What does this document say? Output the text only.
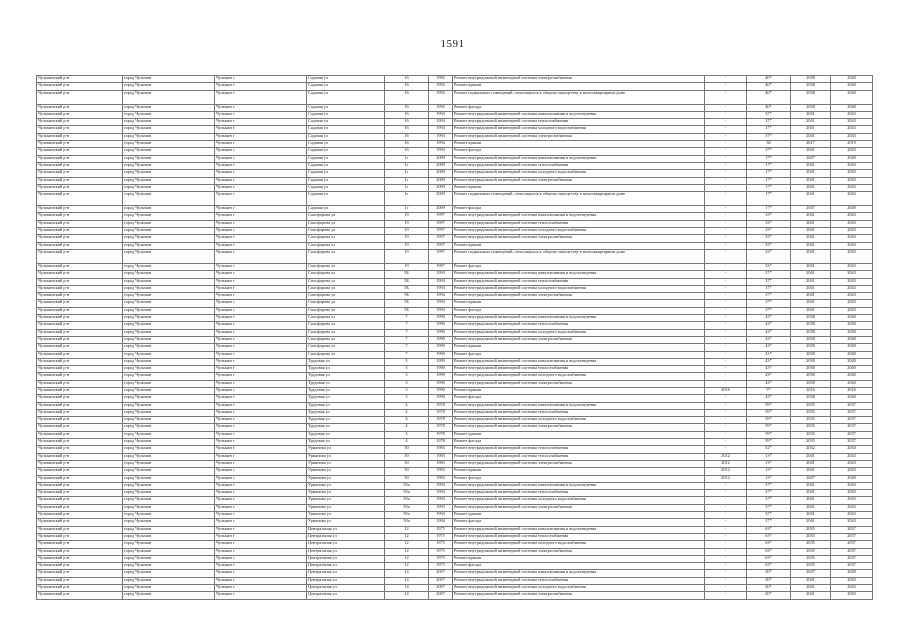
1591
Чульманский р-н	город Чульман	Чульман г	Садовая ул	16	1992	Ремонт внутридомовой инженерной системы электроснабжения	-	40*	2038	2040
Чульманский р-н	город Чульман	Чульман г	Садовая ул	16	1992	Ремонт крыши	-	40*	2038	2040
Чульманский р-н	город Чульман	Чульман г	Садовая ул	16	1992	Ремонт подвальных помещений, относящихся к общему имуществу в многоквартирном доме	-	40*	2038	2040
Чульманский р-н	город Чульман	Чульман г	Садовая ул	16	1992	Ремонт фасада	-	40*	2038	2040
Чульманский р-н	город Чульман	Чульман г	Садовая ул	16	1994	Ремонт внутридомовой инженерной системы канализования и водоотведения	-	37*	2041	2043
Чульманский р-н	город Чульман	Чульман г	Садовая ул	16	1994	Ремонт внутридомовой инженерной системы теплоснабжения	-	37*	2041	2043
Чульманский р-н	город Чульман	Чульман г	Садовая ул	16	1994	Ремонт внутридомовой инженерной системы холодного водоснабжения	-	37*	2041	2043
Чульманский р-н	город Чульман	Чульман г	Садовая ул	16	1994	Ремонт внутридомовой инженерной системы электроснабжения	-	37*	2041	2043
Чульманский р-н	город Чульман	Чульман г	Садовая ул	16	1994	Ремонт крыши	-	30	2017	2019
Чульманский р-н	город Чульман	Чульман г	Садовая ул	16	1994	Ремонт фасада	-	37*	2041	2043
Чульманский р-н	город Чульман	Чульман г	Садовая ул	1г	2009	Ремонт внутридомовой инженерной системы канализования и водоотведения	-	17*	2047	2049
Чульманский р-н	город Чульман	Чульман г	Садовая ул	1г	2009	Ремонт внутридомовой инженерной системы теплоснабжения	-	17*	2041	2043
Чульманский р-н	город Чульман	Чульман г	Садовая ул	1г	2009	Ремонт внутридомовой инженерной системы холодного водоснабжения	-	17*	2041	2043
Чульманский р-н	город Чульман	Чульман г	Садовая ул	1г	2009	Ремонт внутридомовой инженерной системы электроснабжения	-	17*	2041	2043
Чульманский р-н	город Чульман	Чульман г	Садовая ул	1г	2009	Ремонт крыши	-	17*	2041	2043
Чульманский р-н	город Чульман	Чульман г	Садовая ул	1г	2009	Ремонт подвальных помещений, относящихся к общему имуществу в многоквартирном доме	-	17*	2041	2043
Чульманский р-н	город Чульман	Чульман г	Садовая ул	1г	2009	Ремонт фасада	-	17*	2047	2049
Чульманский р-н	город Чульман	Чульман г	Спасфорова ул	19	1997	Ремонт внутридомовой инженерной системы канализования и водоотведения	-	33*	2041	2043
Чульманский р-н	город Чульман	Чульман г	Спасфорова ул	19	1997	Ремонт внутридомовой инженерной системы теплоснабжения	-	33*	2041	2043
Чульманский р-н	город Чульман	Чульман г	Спасфорова ул	19	1997	Ремонт внутридомовой инженерной системы холодного водоснабжения	-	33*	2041	2043
Чульманский р-н	город Чульман	Чульман г	Спасфорова ул	19	1997	Ремонт внутридомовой инженерной системы электроснабжения	-	33*	2041	2043
Чульманский р-н	город Чульман	Чульман г	Спасфорова ул	19	1997	Ремонт крыши	-	33*	2041	2043
Чульманский р-н	город Чульман	Чульман г	Спасфорова ул	19	1997	Ремонт подвальных помещений, относящихся к общему имуществу в многоквартирном доме	-	33*	2041	2043
Чульманский р-н	город Чульман	Чульман г	Спасфорова ул	19	1997	Ремонт фасада	-	33*	2041	2043
Чульманский р-н	город Чульман	Чульман г	Спасфорова ул	5Б	1994	Ремонт внутридомовой инженерной системы канализования и водоотведения	-	37*	2041	2043
Чульманский р-н	город Чульман	Чульман г	Спасфорова ул	5Б	1994	Ремонт внутридомовой инженерной системы теплоснабжения	-	37*	2041	2043
Чульманский р-н	город Чульман	Чульман г	Спасфорова ул	5Б	1994	Ремонт внутридомовой инженерной системы холодного водоснабжения	-	37*	2041	2043
Чульманский р-н	город Чульман	Чульман г	Спасфорова ул	5Б	1994	Ремонт внутридомовой инженерной системы электроснабжения	-	37*	2041	2043
Чульманский р-н	город Чульман	Чульман г	Спасфорова ул	5Б	1994	Ремонт крыши	-	37*	2041	2043
Чульманский р-н	город Чульман	Чульман г	Спасфорова ул	5Б	1994	Ремонт фасада	-	37*	2041	2043
Чульманский р-н	город Чульман	Чульман г	Спасфорова ул	7	1990	Ремонт внутридомовой инженерной системы канализования и водоотведения	-	43*	2038	2040
Чульманский р-н	город Чульман	Чульман г	Спасфорова ул	7	1990	Ремонт внутридомовой инженерной системы теплоснабжения	-	43*	2038	2040
Чульманский р-н	город Чульман	Чульман г	Спасфорова ул	7	1990	Ремонт внутридомовой инженерной системы холодного водоснабжения	-	43*	2038	2040
Чульманский р-н	город Чульман	Чульман г	Спасфорова ул	7	1990	Ремонт внутридомовой инженерной системы электроснабжения	-	43*	2038	2040
Чульманский р-н	город Чульман	Чульман г	Спасфорова ул	7	1990	Ремонт крыши	-	43*	2038	2040
Чульманский р-н	город Чульман	Чульман г	Спасфорова ул	7	1990	Ремонт фасада	-	43*	2038	2040
Чульманский р-н	город Чульман	Чульман г	Трудовая ул	3	1990	Ремонт внутридомовой инженерной системы канализования и водоотведения	-	43*	2038	2040
Чульманский р-н	город Чульман	Чульман г	Трудовая ул	3	1990	Ремонт внутридомовой инженерной системы теплоснабжения	-	43*	2038	2040
Чульманский р-н	город Чульман	Чульман г	Трудовая ул	3	1990	Ремонт внутридомовой инженерной системы холодного водоснабжения	-	43*	2038	2040
Чульманский р-н	город Чульман	Чульман г	Трудовая ул	3	1990	Ремонт внутридомовой инженерной системы электроснабжения	-	43*	2038	2040
Чульманский р-н	город Чульман	Чульман г	Трудовая ул	3	1990	Ремонт крыши	2016	5*	2016	2016
Чульманский р-н	город Чульман	Чульман г	Трудовая ул	3	1990	Ремонт фасада	-	43*	2038	2040
Чульманский р-н	город Чульман	Чульман г	Трудовая ул	4	1978	Ремонт внутридомовой инженерной системы канализования и водоотведения	-	59*	2035	2037
Чульманский р-н	город Чульман	Чульман г	Трудовая ул	4	1978	Ремонт внутридомовой инженерной системы теплоснабжения	-	59*	2035	2037
Чульманский р-н	город Чульман	Чульман г	Трудовая ул	4	1978	Ремонт внутридомовой инженерной системы холодного водоснабжения	-	59*	2035	2037
Чульманский р-н	город Чульман	Чульман г	Трудовая ул	4	1978	Ремонт внутридомовой инженерной системы электроснабжения	-	59*	2035	2037
Чульманский р-н	город Чульман	Чульман г	Трудовая ул	4	1978	Ремонт крыши	-	59*	2035	2037
Чульманский р-н	город Чульман	Чульман г	Трудовая ул	4	1978	Ремонт фасада	-	59*	2035	2037
Чульманский р-н	город Чульман	Чульман г	Урманова ул	50	1983	Ремонт внутридомовой инженерной системы теплоснабжения	-	52*	2032	2034
Чульманский р-н	город Чульман	Чульман г	Урманова ул	50	1983	Ремонт внутридомовой инженерной системы теплоснабжения	2012	13*	2041	2043
Чульманский р-н	город Чульман	Чульман г	Урманова ул	50	1983	Ремонт внутридомовой инженерной системы электроснабжения	2012	13*	2041	2043
Чульманский р-н	город Чульман	Чульман г	Урманова ул	50	1983	Ремонт крыши	2012	13*	2041	2043
Чульманский р-н	город Чульман	Чульман г	Урманова ул	50	1983	Ремонт фасада	2012	13*	2047	2049
Чульманский р-н	город Чульман	Чульман г	Урманова ул	50а	1994	Ремонт внутридомовой инженерной системы канализования и водоотведения	-	37*	2041	2043
Чульманский р-н	город Чульман	Чульман г	Урманова ул	50а	1994	Ремонт внутридомовой инженерной системы теплоснабжения	-	37*	2041	2043
Чульманский р-н	город Чульман	Чульман г	Урманова ул	50а	1994	Ремонт внутридомовой инженерной системы холодного водоснабжения	-	37*	2041	2043
Чульманский р-н	город Чульман	Чульман г	Урманова ул	50а	1994	Ремонт внутридомовой инженерной системы электроснабжения	-	37*	2041	2043
Чульманский р-н	город Чульман	Чульман г	Урманова ул	50а	1994	Ремонт крыши	-	37*	2041	2043
Чульманский р-н	город Чульман	Чульман г	Урманова ул	50а	1994	Ремонт фасада	-	37*	2041	2043
Чульманский р-н	город Чульман	Чульман г	Центральная ул	12	1975	Ремонт внутридомовой инженерной системы канализования и водоотведения	-	63*	2035	2037
Чульманский р-н	город Чульман	Чульман г	Центральная ул	12	1975	Ремонт внутридомовой инженерной системы теплоснабжения	-	63*	2035	2037
Чульманский р-н	город Чульман	Чульман г	Центральная ул	12	1975	Ремонт внутридомовой инженерной системы холодного водоснабжения	-	63*	2035	2037
Чульманский р-н	город Чульман	Чульман г	Центральная ул	12	1975	Ремонт внутридомовой инженерной системы электроснабжения	-	63*	2035	2037
Чульманский р-н	город Чульман	Чульман г	Центральная ул	12	1975	Ремонт крыши	-	63*	2035	2037
Чульманский р-н	город Чульман	Чульман г	Центральная ул	12	1975	Ремонт фасада	-	63*	2035	2037
Чульманский р-н	город Чульман	Чульман г	Центральная ул	14	2007	Ремонт внутридомовой инженерной системы канализования и водоотведения	-	20*	2047	2049
Чульманский р-н	город Чульман	Чульман г	Центральная ул	14	2007	Ремонт внутридомовой инженерной системы теплоснабжения	-	20*	2041	2043
Чульманский р-н	город Чульман	Чульман г	Центральная ул	14	2007	Ремонт внутридомовой инженерной системы холодного водоснабжения	-	20*	2041	2043
Чульманский р-н	город Чульман	Чульман г	Центральная ул	14	2007	Ремонт внутридомовой инженерной системы электроснабжения	-	20*	2041	2043
